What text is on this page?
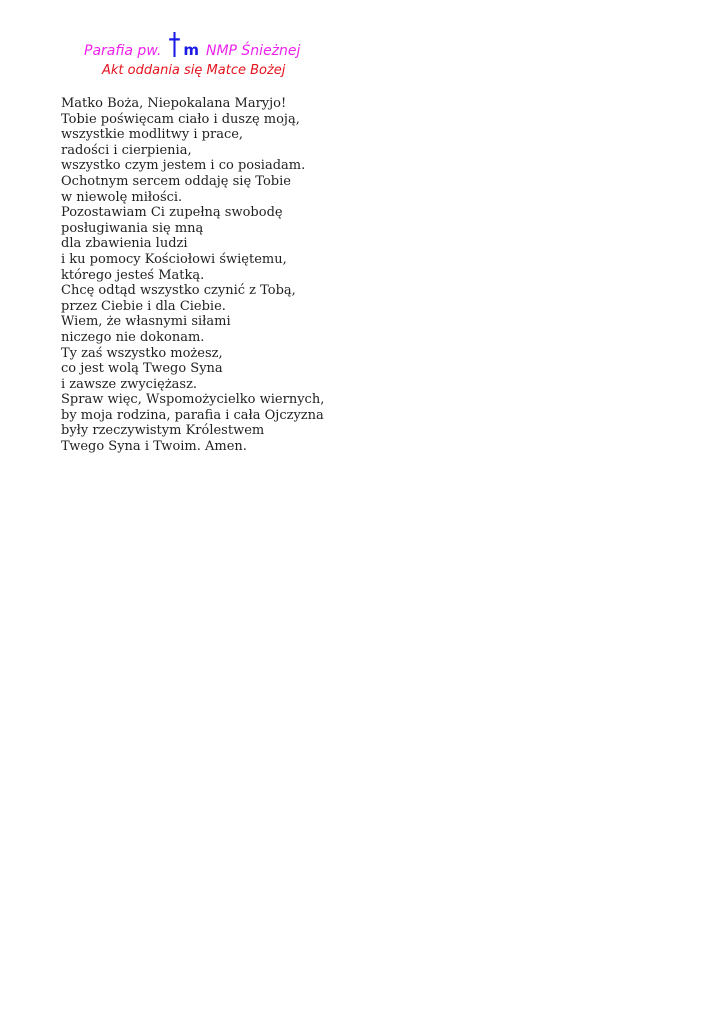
Parafia pw. † m NMP Śnieżnej
Akt oddania się Matce Bożej
Matko Boża, Niepokalana Maryjo!
Tobie poświęcam ciało i duszę moją,
wszystkie modlitwy i prace,
radości i cierpienia,
wszystko czym jestem i co posiadam.
Ochotnym sercem oddaję się Tobie
w niewolę miłości.
Pozostawiam Ci zupełną swobodę
posługiwania się mną
dla zbawienia ludzi
i ku pomocy Kościołowi świętemu,
którego jesteś Matką.
Chcę odtąd wszystko czynić z Tobą,
przez Ciebie i dla Ciebie.
Wiem, że własnymi siłami
niczego nie dokonam.
Ty zaś wszystko możesz,
co jest wolą Twego Syna
i zawsze zwyciężasz.
Spraw więc, Wspomożycielko wiernych,
by moja rodzina, parafia i cała Ojczyzna
były rzeczywistym Królestwem
Twego Syna i Twoim. Amen.
